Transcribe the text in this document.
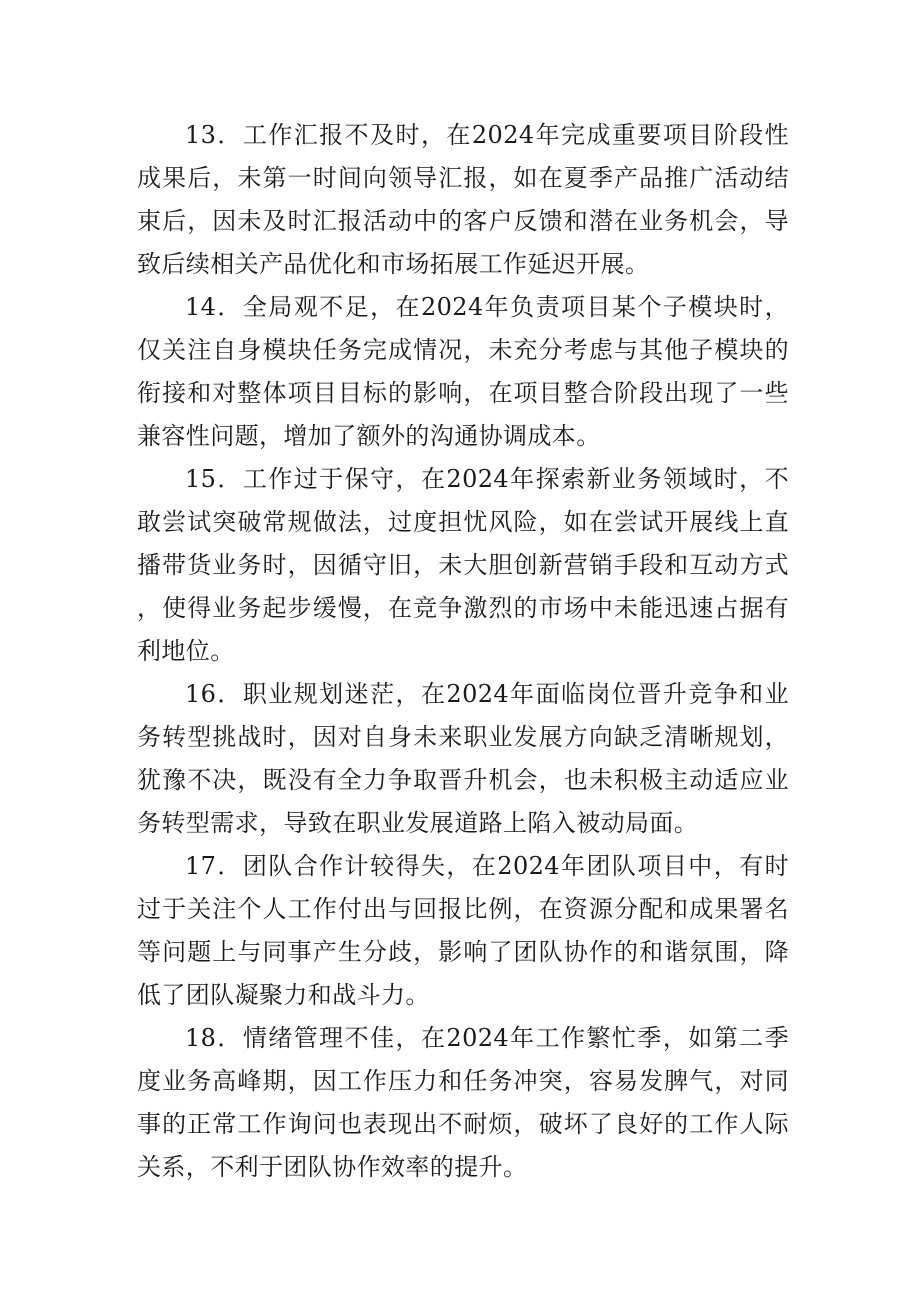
13．工作汇报不及时，在2024年完成重要项目阶段性成果后，未第一时间向领导汇报，如在夏季产品推广活动结束后，因未及时汇报活动中的客户反馈和潜在业务机会，导致后续相关产品优化和市场拓展工作延迟开展。

14．全局观不足，在2024年负责项目某个子模块时，仅关注自身模块任务完成情况，未充分考虑与其他子模块的衔接和对整体项目目标的影响，在项目整合阶段出现了一些兼容性问题，增加了额外的沟通协调成本。

15．工作过于保守，在2024年探索新业务领域时，不敢尝试突破常规做法，过度担忧风险，如在尝试开展线上直播带货业务时，因循守旧，未大胆创新营销手段和互动方式，使得业务起步缓慢，在竞争激烈的市场中未能迅速占据有利地位。

16．职业规划迷茫，在2024年面临岗位晋升竞争和业务转型挑战时，因对自身未来职业发展方向缺乏清晰规划，犹豫不决，既没有全力争取晋升机会，也未积极主动适应业务转型需求，导致在职业发展道路上陷入被动局面。

17．团队合作计较得失，在2024年团队项目中，有时过于关注个人工作付出与回报比例，在资源分配和成果署名等问题上与同事产生分歧，影响了团队协作的和谐氛围，降低了团队凝聚力和战斗力。

18．情绪管理不佳，在2024年工作繁忙季，如第二季度业务高峰期，因工作压力和任务冲突，容易发脾气，对同事的正常工作询问也表现出不耐烦，破坏了良好的工作人际关系，不利于团队协作效率的提升。
